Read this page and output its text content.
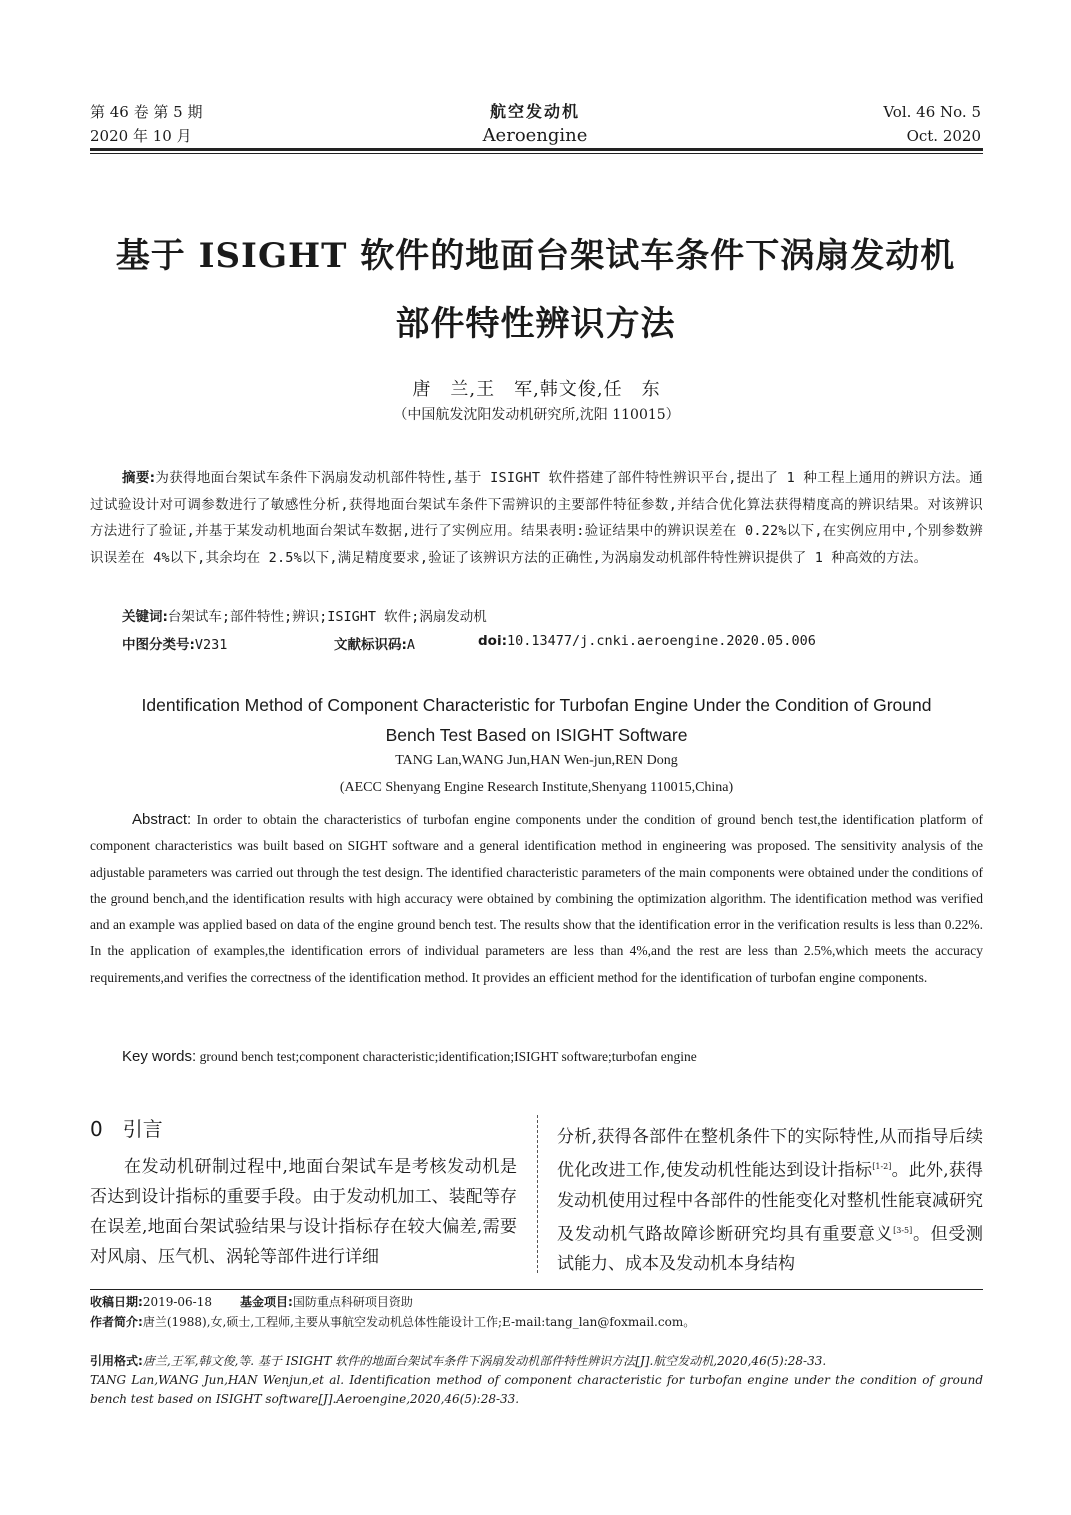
第 46 卷 第 5 期
2020 年 10 月
航空发动机
Aeroengine
Vol. 46 No. 5
Oct. 2020
基于 ISIGHT 软件的地面台架试车条件下涡扇发动机
部件特性辨识方法
唐　兰,王　军,韩文俊,任　东
（中国航发沈阳发动机研究所,沈阳 110015）
摘要:为获得地面台架试车条件下涡扇发动机部件特性,基于 ISIGHT 软件搭建了部件特性辨识平台,提出了 1 种工程上通用的辨识方法。通过试验设计对可调参数进行了敏感性分析,获得地面台架试车条件下需辨识的主要部件特征参数,并结合优化算法获得精度高的辨识结果。对该辨识方法进行了验证,并基于某发动机地面台架试车数据,进行了实例应用。结果表明:验证结果中的辨识误差在 0.22%以下,在实例应用中,个别参数辨识误差在 4%以下,其余均在 2.5%以下,满足精度要求,验证了该辨识方法的正确性,为涡扇发动机部件特性辨识提供了 1 种高效的方法。
关键词:台架试车;部件特性;辨识;ISIGHT 软件;涡扇发动机
中图分类号:V231	文献标识码:A	doi:10.13477/j.cnki.aeroengine.2020.05.006
Identification Method of Component Characteristic for Turbofan Engine Under the Condition of Ground
Bench Test Based on ISIGHT Software
TANG Lan,WANG Jun,HAN Wen-jun,REN Dong
(AECC Shenyang Engine Research Institute,Shenyang 110015,China)
Abstract: In order to obtain the characteristics of turbofan engine components under the condition of ground bench test,the identification platform of component characteristics was built based on SIGHT software and a general identification method in engineering was proposed. The sensitivity analysis of the adjustable parameters was carried out through the test design. The identified characteristic parameters of the main components were obtained under the conditions of the ground bench,and the identification results with high accuracy were obtained by combining the optimization algorithm. The identification method was verified and an example was applied based on data of the engine ground bench test. The results show that the identification error in the verification results is less than 0.22%. In the application of examples,the identification errors of individual parameters are less than 4%,and the rest are less than 2.5%,which meets the accuracy requirements,and verifies the correctness of the identification method. It provides an efficient method for the identification of turbofan engine components.
Key words: ground bench test;component characteristic;identification;ISIGHT software;turbofan engine
0 引言
在发动机研制过程中,地面台架试车是考核发动机是否达到设计指标的重要手段。由于发动机加工、装配等存在误差,地面台架试验结果与设计指标存在较大偏差,需要对风扇、压气机、涡轮等部件进行详细
分析,获得各部件在整机条件下的实际特性,从而指导后续优化改进工作,使发动机性能达到设计指标[1-2]。此外,获得发动机使用过程中各部件的性能变化对整机性能衰减研究及发动机气路故障诊断研究均具有重要意义[3-5]。但受测试能力、成本及发动机本身结构
收稿日期:2019-06-18 基金项目:国防重点科研项目资助
作者简介:唐兰(1988),女,硕士,工程师,主要从事航空发动机总体性能设计工作;E-mail:tang_lan@foxmail.com。
引用格式:唐兰,王军,韩文俊,等. 基于 ISIGHT 软件的地面台架试车条件下涡扇发动机部件特性辨识方法[J].航空发动机,2020,46(5):28-33.
TANG Lan,WANG Jun,HAN Wenjun,et al. Identification method of component characteristic for turbofan engine under the condition of ground bench test based on ISIGHT software[J].Aeroengine,2020,46(5):28-33.
